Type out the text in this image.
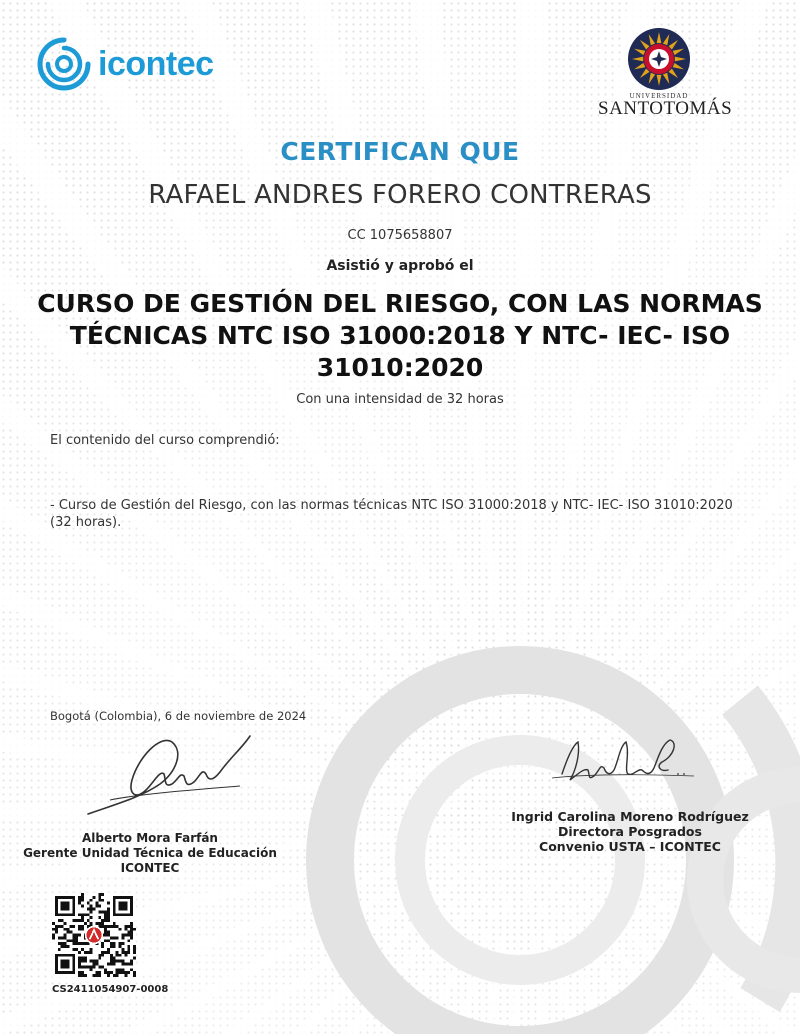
icontec
UNIVERSIDAD
SANTOTOMÁS
CERTIFICAN QUE
RAFAEL ANDRES FORERO CONTRERAS
CC 1075658807
Asistió y aprobó el
CURSO DE GESTIÓN DEL RIESGO, CON LAS NORMAS TÉCNICAS NTC ISO 31000:2018 Y NTC- IEC- ISO 31010:2020
Con una intensidad de 32 horas
El contenido del curso comprendió:
- Curso de Gestión del Riesgo, con las normas técnicas NTC ISO 31000:2018 y NTC- IEC- ISO 31010:2020 (32 horas).
Bogotá (Colombia), 6 de noviembre de 2024
Alberto Mora Farfán
Gerente Unidad Técnica de Educación ICONTEC
Ingrid Carolina Moreno Rodríguez
Directora Posgrados
Convenio USTA – ICONTEC
CS2411054907-0008
